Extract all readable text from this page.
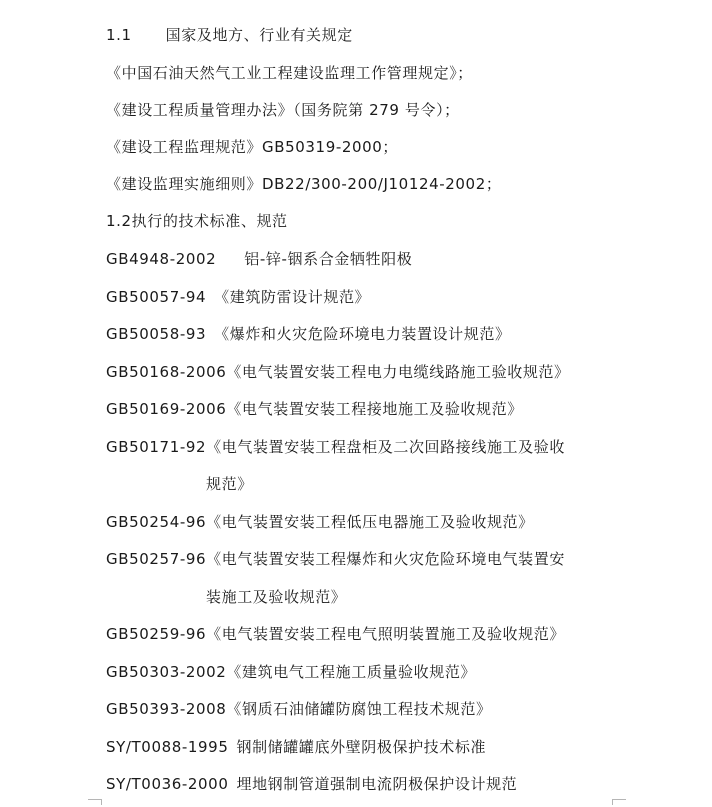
1.1 国家及地方、行业有关规定
《中国石油天然气工业工程建设监理工作管理规定》；
《建设工程质量管理办法》（国务院第 279 号令）；
《建设工程监理规范》GB50319-2000；
《建设监理实施细则》DB22/300-200/J10124-2002；
1.2执行的技术标准、规范
GB4948-2002 铝-锌-铟系合金牺牲阳极
GB50057-94 《建筑防雷设计规范》
GB50058-93 《爆炸和火灾危险环境电力装置设计规范》
GB50168-2006《电气装置安装工程电力电缆线路施工验收规范》
GB50169-2006《电气装置安装工程接地施工及验收规范》
GB50171-92《电气装置安装工程盘柜及二次回路接线施工及验收
规范》
GB50254-96《电气装置安装工程低压电器施工及验收规范》
GB50257-96《电气装置安装工程爆炸和火灾危险环境电气装置安
装施工及验收规范》
GB50259-96《电气装置安装工程电气照明装置施工及验收规范》
GB50303-2002《建筑电气工程施工质量验收规范》
GB50393-2008《钢质石油储罐防腐蚀工程技术规范》
SY/T0088-1995 钢制储罐罐底外壁阴极保护技术标准
SY/T0036-2000 埋地钢制管道强制电流阴极保护设计规范
